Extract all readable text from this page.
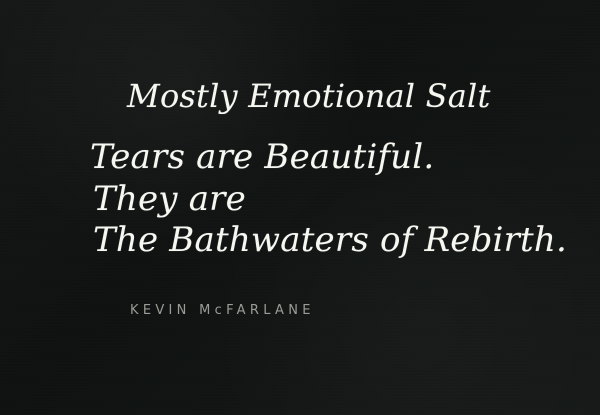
Mostly Emotional Salt
Tears are Beautiful.
They are
The Bathwaters of Rebirth.
KEVIN McFARLANE
